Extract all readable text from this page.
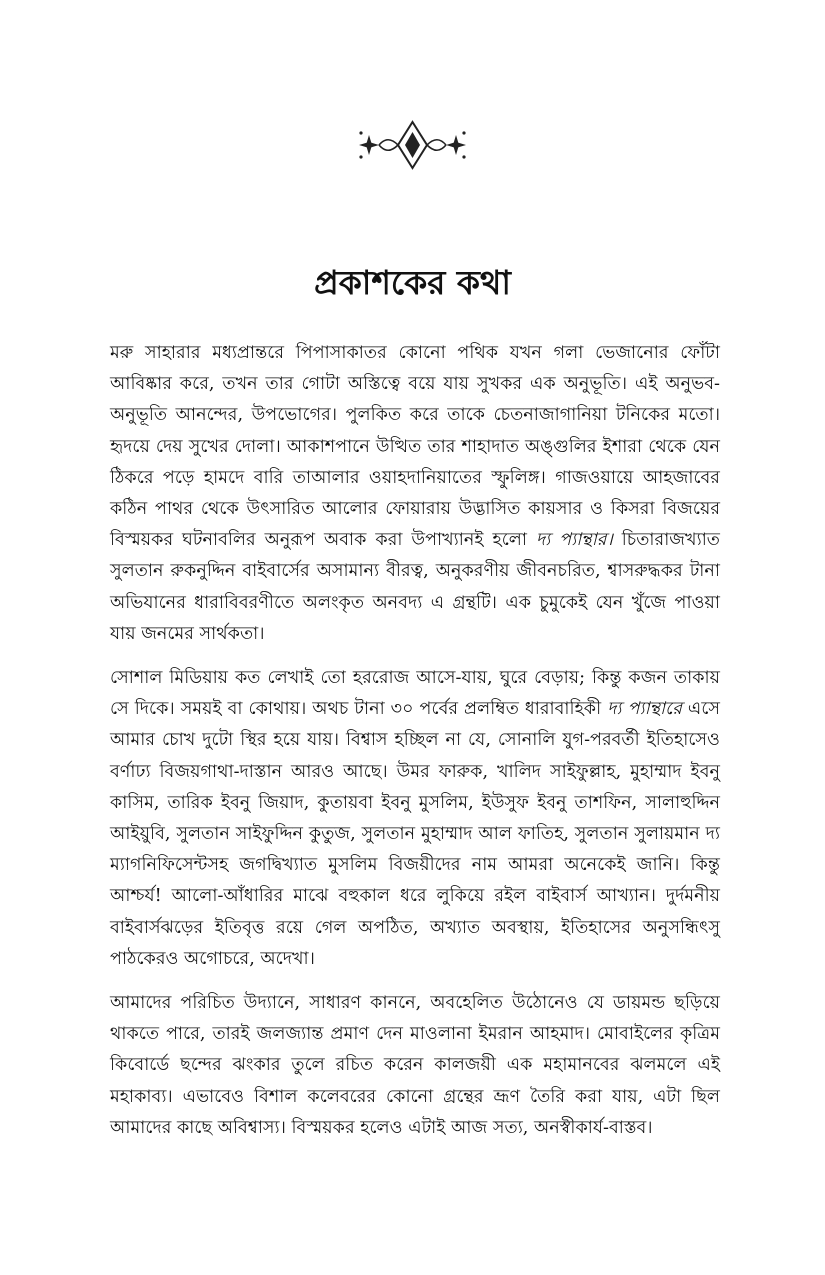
প্রকাশকের কথা

মরু সাহারার মধ্যপ্রান্তরে পিপাসাকাতর কোনো পথিক যখন গলা ভেজানোর ফোঁটা আবিষ্কার করে, তখন তার গোটা অস্তিত্বে বয়ে যায় সুখকর এক অনুভূতি। এই অনুভব-অনুভূতি আনন্দের, উপভোগের। পুলকিত করে তাকে চেতনাজাগানিয়া টনিকের মতো। হৃদয়ে দেয় সুখের দোলা। আকাশপানে উত্থিত তার শাহাদাত অঙ্গুলির ইশারা থেকে যেন ঠিকরে পড়ে হামদে বারি তাআলার ওয়াহদানিয়াতের স্ফুলিঙ্গ। গাজওয়ায়ে আহজাবের কঠিন পাথর থেকে উৎসারিত আলোর ফোয়ারায় উদ্ভাসিত কায়সার ও কিসরা বিজয়ের বিস্ময়কর ঘটনাবলির অনুরূপ অবাক করা উপাখ্যানই হলো দ্য প্যান্থার। চিতারাজখ্যাত সুলতান রুকনুদ্দিন বাইবার্সের অসামান্য বীরত্ব, অনুকরণীয় জীবনচরিত, শ্বাসরুদ্ধকর টানা অভিযানের ধারাবিবরণীতে অলংকৃত অনবদ্য এ গ্রন্থটি। এক চুমুকেই যেন খুঁজে পাওয়া যায় জনমের সার্থকতা।

সোশাল মিডিয়ায় কত লেখাই তো হররোজ আসে-যায়, ঘুরে বেড়ায়; কিন্তু কজন তাকায় সে দিকে। সময়ই বা কোথায়। অথচ টানা ৩০ পর্বের প্রলম্বিত ধারাবাহিকী দ্য প্যান্থারে এসে আমার চোখ দুটো স্থির হয়ে যায়। বিশ্বাস হচ্ছিল না যে, সোনালি যুগ-পরবর্তী ইতিহাসেও বর্ণাঢ্য বিজয়গাথা-দাস্তান আরও আছে। উমর ফারুক, খালিদ সাইফুল্লাহ, মুহাম্মাদ ইবনু কাসিম, তারিক ইবনু জিয়াদ, কুতায়বা ইবনু মুসলিম, ইউসুফ ইবনু তাশফিন, সালাহুদ্দিন আইয়ুবি, সুলতান সাইফুদ্দিন কুতুজ, সুলতান মুহাম্মাদ আল ফাতিহ, সুলতান সুলায়মান দ্য ম্যাগনিফিসেন্টসহ জগদ্বিখ্যাত মুসলিম বিজয়ীদের নাম আমরা অনেকেই জানি। কিন্তু আশ্চর্য! আলো-আঁধারির মাঝে বহুকাল ধরে লুকিয়ে রইল বাইবার্স আখ্যান। দুর্দমনীয় বাইবার্সঝড়ের ইতিবৃত্ত রয়ে গেল অপঠিত, অখ্যাত অবস্থায়, ইতিহাসের অনুসন্ধিৎসু পাঠকেরও অগোচরে, অদেখা।

আমাদের পরিচিত উদ্যানে, সাধারণ কাননে, অবহেলিত উঠোনেও যে ডায়মন্ড ছড়িয়ে থাকতে পারে, তারই জলজ্যান্ত প্রমাণ দেন মাওলানা ইমরান আহমাদ। মোবাইলের কৃত্রিম কিবোর্ডে ছন্দের ঝংকার তুলে রচিত করেন কালজয়ী এক মহামানবের ঝলমলে এই মহাকাব্য। এভাবেও বিশাল কলেবরের কোনো গ্রন্থের ভ্রূণ তৈরি করা যায়, এটা ছিল আমাদের কাছে অবিশ্বাস্য। বিস্ময়কর হলেও এটাই আজ সত্য, অনস্বীকার্য-বাস্তব।
